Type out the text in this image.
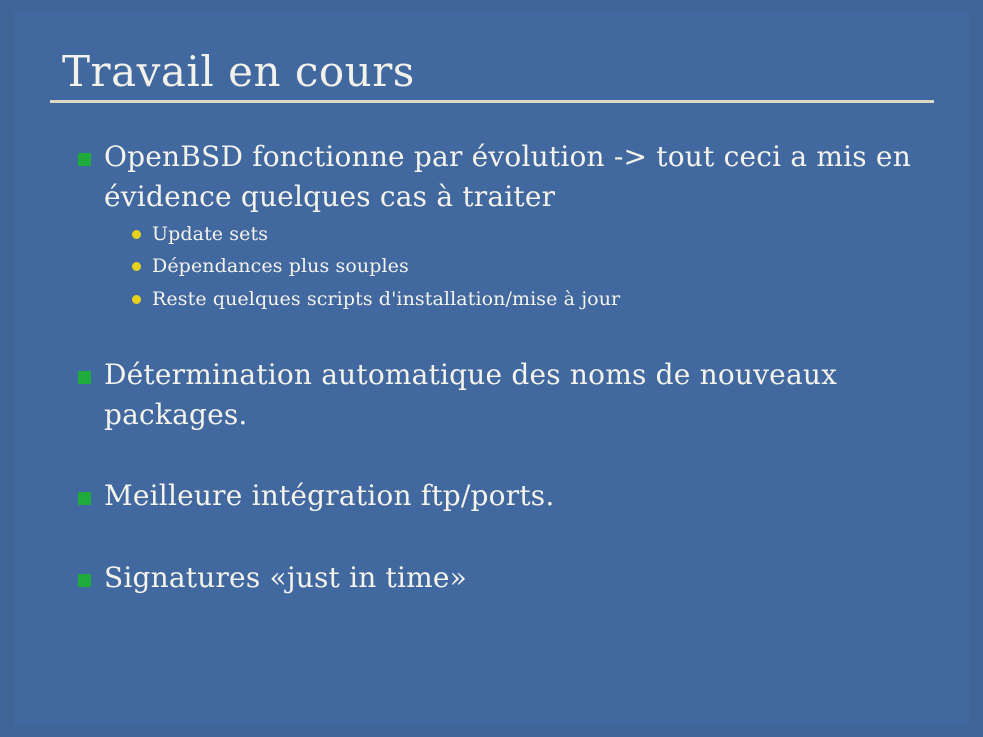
Travail en cours
OpenBSD fonctionne par évolution -> tout ceci a mis en évidence quelques cas à traiter
Update sets
Dépendances plus souples
Reste quelques scripts d'installation/mise à jour
Détermination automatique des noms de nouveaux packages.
Meilleure intégration ftp/ports.
Signatures «just in time»
